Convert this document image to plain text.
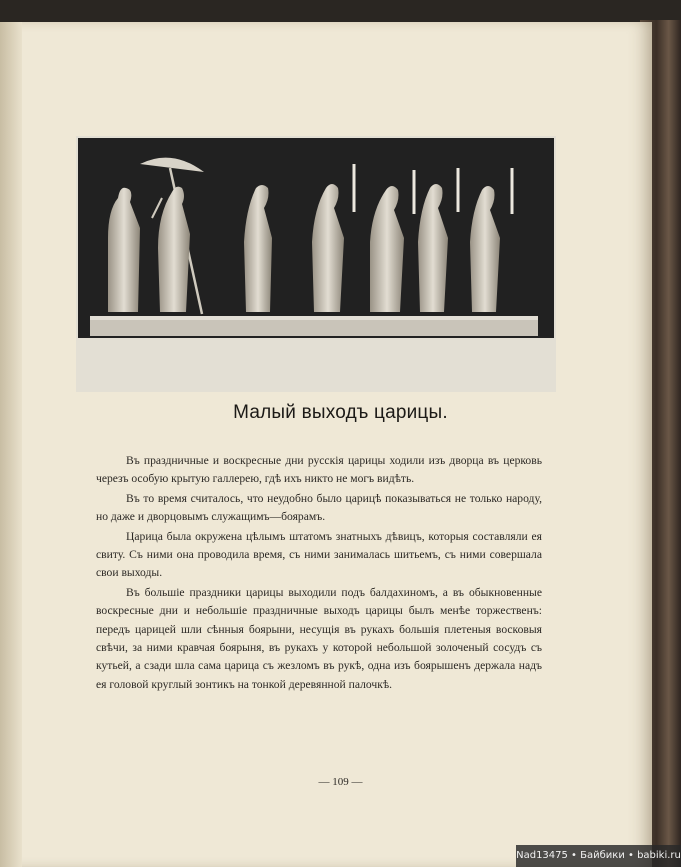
Малый выходъ царицы.

Въ праздничные и воскресные дни русскія царицы ходили изъ дворца въ церковь черезъ особую крытую галлерею, гдѣ ихъ никто не могъ видѣть.

Въ то время считалось, что неудобно было царицѣ показываться не только народу, но даже и дворцовымъ служащимъ—боярамъ.

Царица была окружена цѣлымъ штатомъ знатныхъ дѣвицъ, которыя составляли ея свиту. Съ ними она проводила время, съ ними занималась шитьемъ, съ ними совершала свои выходы.

Въ большіе праздники царицы выходили подъ балдахиномъ, а въ обыкновенные воскресные дни и небольшіе праздничные выходъ царицы былъ менѣе торжественъ: передъ царицей шли сѣнныя боярыни, несущія въ рукахъ большія плетеныя восковыя свѣчи, за ними кравчая боярыня, въ рукахъ у которой небольшой золоченый сосудъ съ кутьей, а сзади шла сама царица съ жезломъ въ рукѣ, одна изъ боярышенъ держала надъ ея головой круглый зонтикъ на тонкой деревянной палочкѣ.

— 109 —
Nad13475 • Байбики • babiki.ru
